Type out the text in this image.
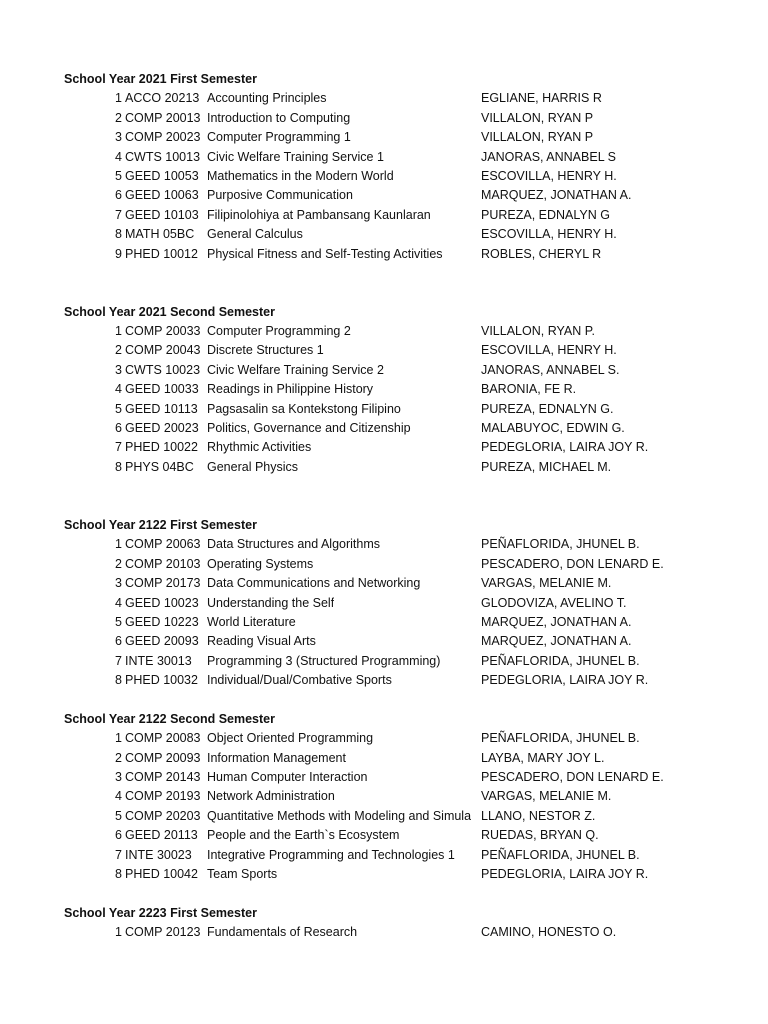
School Year 2021 First Semester
1 ACCO 20213 Accounting Principles	EGLIANE, HARRIS R
2 COMP 20013 Introduction to Computing	VILLALON, RYAN P
3 COMP 20023 Computer Programming 1	VILLALON, RYAN P
4 CWTS 10013 Civic Welfare Training Service 1	JANORAS, ANNABEL S
5 GEED 10053 Mathematics in the Modern World	ESCOVILLA, HENRY H.
6 GEED 10063 Purposive Communication	MARQUEZ, JONATHAN A.
7 GEED 10103 Filipinolohiya at Pambansang Kaunlaran	PUREZA, EDNALYN G
8 MATH 05BC General Calculus	ESCOVILLA, HENRY H.
9 PHED 10012 Physical Fitness and Self-Testing Activities	ROBLES, CHERYL R
School Year 2021 Second Semester
1 COMP 20033 Computer Programming 2	VILLALON, RYAN P.
2 COMP 20043 Discrete Structures 1	ESCOVILLA, HENRY H.
3 CWTS 10023 Civic Welfare Training Service 2	JANORAS, ANNABEL S.
4 GEED 10033 Readings in Philippine History	BARONIA, FE R.
5 GEED 10113 Pagsasalin sa Kontekstong Filipino	PUREZA, EDNALYN G.
6 GEED 20023 Politics, Governance and Citizenship	MALABUYOC, EDWIN G.
7 PHED 10022 Rhythmic Activities	PEDEGLORIA, LAIRA JOY R.
8 PHYS 04BC General Physics	PUREZA, MICHAEL M.
School Year 2122 First Semester
1 COMP 20063 Data Structures and Algorithms	PEÑAFLORIDA, JHUNEL B.
2 COMP 20103 Operating Systems	PESCADERO, DON LENARD E.
3 COMP 20173 Data Communications and Networking	VARGAS, MELANIE M.
4 GEED 10023 Understanding the Self	GLODOVIZA, AVELINO T.
5 GEED 10223 World Literature	MARQUEZ, JONATHAN A.
6 GEED 20093 Reading Visual Arts	MARQUEZ, JONATHAN A.
7 INTE 30013 Programming 3 (Structured Programming)	PEÑAFLORIDA, JHUNEL B.
8 PHED 10032 Individual/Dual/Combative Sports	PEDEGLORIA, LAIRA JOY R.
School Year 2122 Second Semester
1 COMP 20083 Object Oriented Programming	PEÑAFLORIDA, JHUNEL B.
2 COMP 20093 Information Management	LAYBA, MARY JOY L.
3 COMP 20143 Human Computer Interaction	PESCADERO, DON LENARD E.
4 COMP 20193 Network Administration	VARGAS, MELANIE M.
5 COMP 20203 Quantitative Methods with Modeling and Simula LLANO, NESTOR Z.
6 GEED 20113 People and the Earth`s Ecosystem	RUEDAS, BRYAN Q.
7 INTE 30023 Integrative Programming and Technologies 1 PEÑAFLORIDA, JHUNEL B.
8 PHED 10042 Team Sports	PEDEGLORIA, LAIRA JOY R.
School Year 2223 First Semester
1 COMP 20123 Fundamentals of Research	CAMINO, HONESTO O.
